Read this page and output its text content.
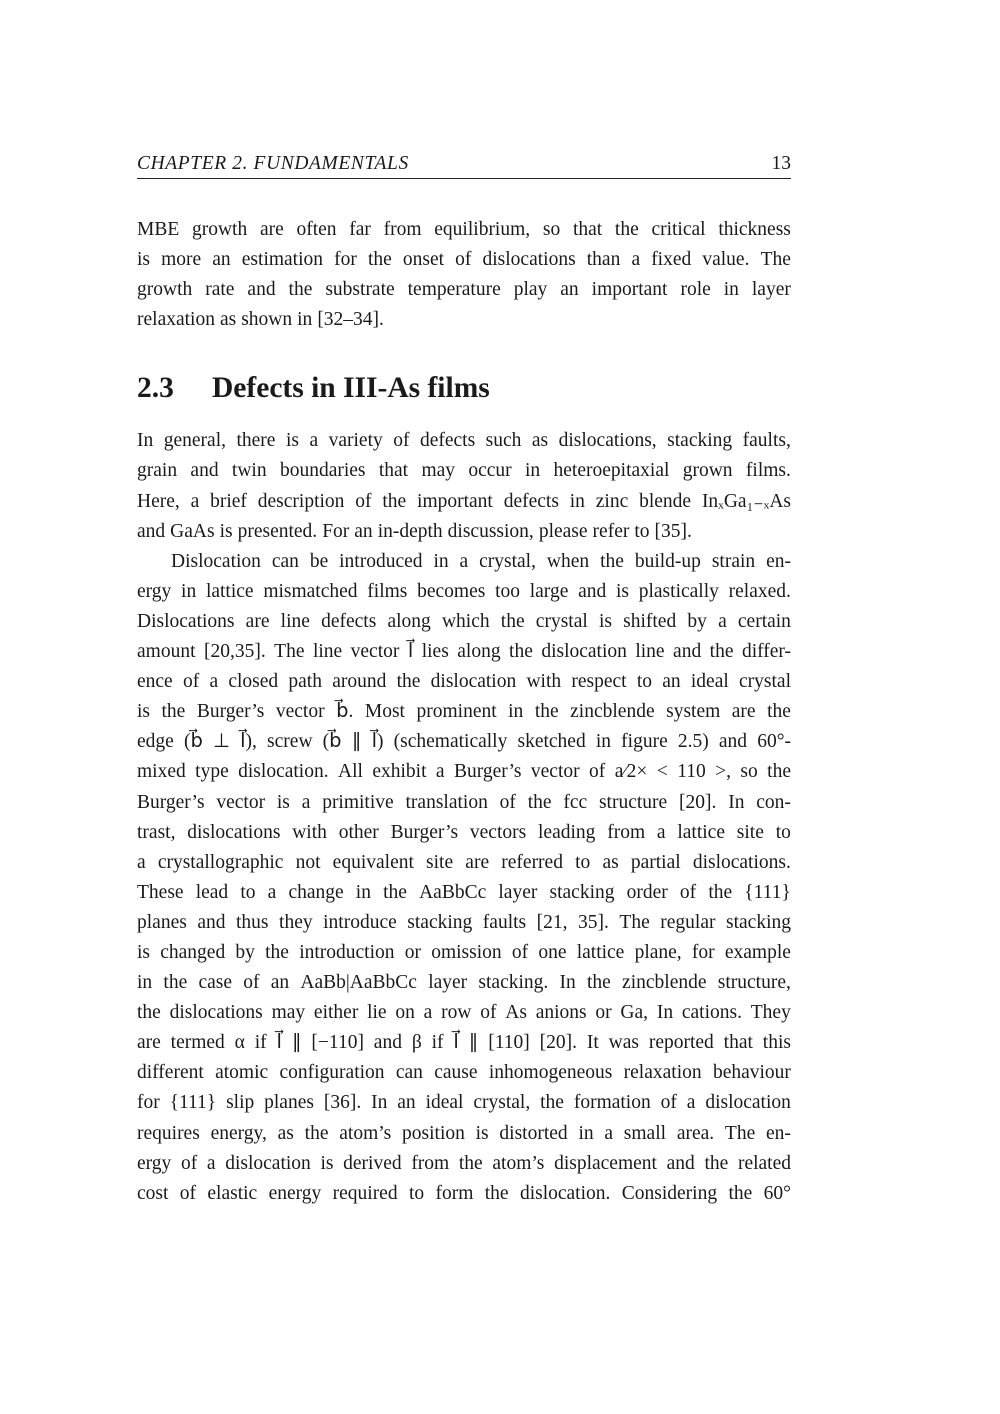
CHAPTER 2. FUNDAMENTALS	13
MBE growth are often far from equilibrium, so that the critical thickness
is more an estimation for the onset of dislocations than a fixed value. The
growth rate and the substrate temperature play an important role in layer
relaxation as shown in [32–34].
2.3	Defects in III-As films
In general, there is a variety of defects such as dislocations, stacking faults,
grain and twin boundaries that may occur in heteroepitaxial grown films.
Here, a brief description of the important defects in zinc blende InₓGa₁₋ₓAs
and GaAs is presented. For an in-depth discussion, please refer to [35].
Dislocation can be introduced in a crystal, when the build-up strain en-
ergy in lattice mismatched films becomes too large and is plastically relaxed.
Dislocations are line defects along which the crystal is shifted by a certain
amount [20,35]. The line vector l⃗ lies along the dislocation line and the differ-
ence of a closed path around the dislocation with respect to an ideal crystal
is the Burger’s vector b⃗. Most prominent in the zincblende system are the
edge (b⃗ ⊥ l⃗), screw (b⃗ ∥ l⃗) (schematically sketched in figure 2.5) and 60°-
mixed type dislocation. All exhibit a Burger’s vector of a⁄2× < 110 >, so the
Burger’s vector is a primitive translation of the fcc structure [20]. In con-
trast, dislocations with other Burger’s vectors leading from a lattice site to
a crystallographic not equivalent site are referred to as partial dislocations.
These lead to a change in the AaBbCc layer stacking order of the {111}
planes and thus they introduce stacking faults [21, 35]. The regular stacking
is changed by the introduction or omission of one lattice plane, for example
in the case of an AaBb|AaBbCc layer stacking. In the zincblende structure,
the dislocations may either lie on a row of As anions or Ga, In cations. They
are termed α if l⃗ ∥ [−110] and β if l⃗ ∥ [110] [20]. It was reported that this
different atomic configuration can cause inhomogeneous relaxation behaviour
for {111} slip planes [36]. In an ideal crystal, the formation of a dislocation
requires energy, as the atom’s position is distorted in a small area. The en-
ergy of a dislocation is derived from the atom’s displacement and the related
cost of elastic energy required to form the dislocation. Considering the 60°
